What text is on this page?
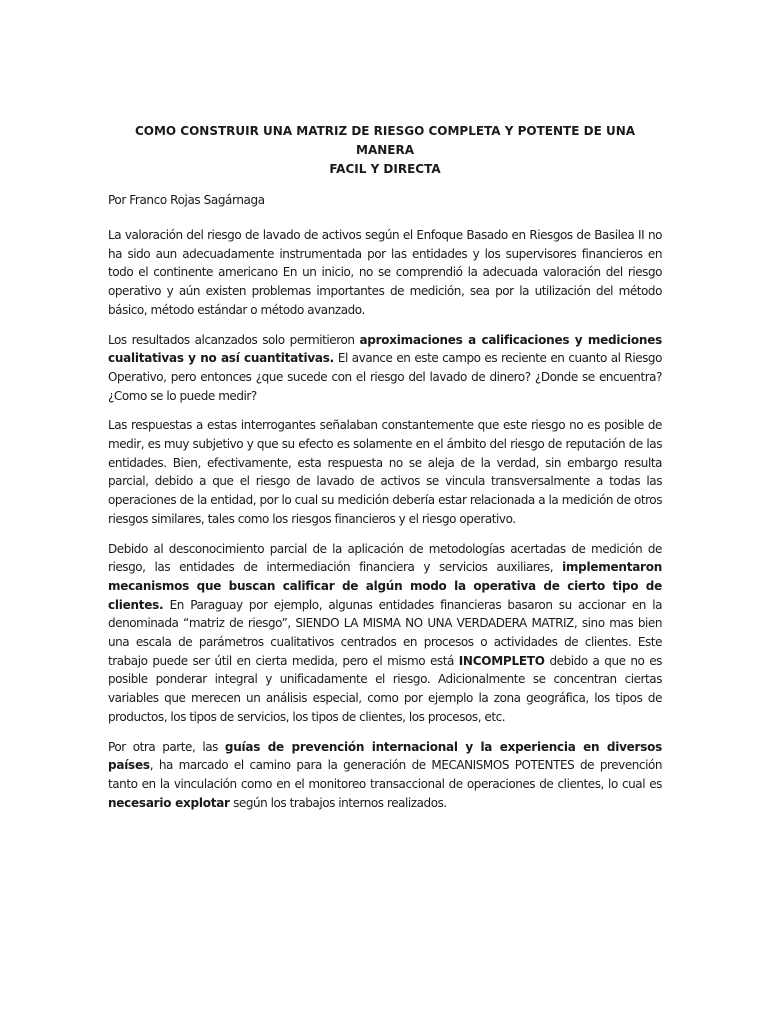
COMO CONSTRUIR UNA MATRIZ DE RIESGO COMPLETA Y POTENTE DE UNA MANERA
FACIL Y DIRECTA

Por Franco Rojas Sagárnaga

La valoración del riesgo de lavado de activos según el Enfoque Basado en Riesgos de Basilea II no ha sido aun adecuadamente instrumentada por las entidades y los supervisores financieros en todo el continente americano En un inicio, no se comprendió la adecuada valoración del riesgo operativo y aún existen problemas importantes de medición, sea por la utilización del método básico, método estándar o método avanzado.

Los resultados alcanzados solo permitieron aproximaciones a calificaciones y mediciones cualitativas y no así cuantitativas. El avance en este campo es reciente en cuanto al Riesgo Operativo, pero entonces ¿que sucede con el riesgo del lavado de dinero? ¿Donde se encuentra? ¿Como se lo puede medir?

Las respuestas a estas interrogantes señalaban constantemente que este riesgo no es posible de medir, es muy subjetivo y que su efecto es solamente en el ámbito del riesgo de reputación de las entidades. Bien, efectivamente, esta respuesta no se aleja de la verdad, sin embargo resulta parcial, debido a que el riesgo de lavado de activos se vincula transversalmente a todas las operaciones de la entidad, por lo cual su medición debería estar relacionada a la medición de otros riesgos similares, tales como los riesgos financieros y el riesgo operativo.

Debido al desconocimiento parcial de la aplicación de metodologías acertadas de medición de riesgo, las entidades de intermediación financiera y servicios auxiliares, implementaron mecanismos que buscan calificar de algún modo la operativa de cierto tipo de clientes. En Paraguay por ejemplo, algunas entidades financieras basaron su accionar en la denominada “matriz de riesgo”, SIENDO LA MISMA NO UNA VERDADERA MATRIZ, sino mas bien una escala de parámetros cualitativos centrados en procesos o actividades de clientes. Este trabajo puede ser útil en cierta medida, pero el mismo está INCOMPLETO debido a que no es posible ponderar integral y unificadamente el riesgo. Adicionalmente se concentran ciertas variables que merecen un análisis especial, como por ejemplo la zona geográfica, los tipos de productos, los tipos de servicios, los tipos de clientes, los procesos, etc.

Por otra parte, las guías de prevención internacional y la experiencia en diversos países, ha marcado el camino para la generación de MECANISMOS POTENTES de prevención tanto en la vinculación como en el monitoreo transaccional de operaciones de clientes, lo cual es necesario explotar según los trabajos internos realizados.
